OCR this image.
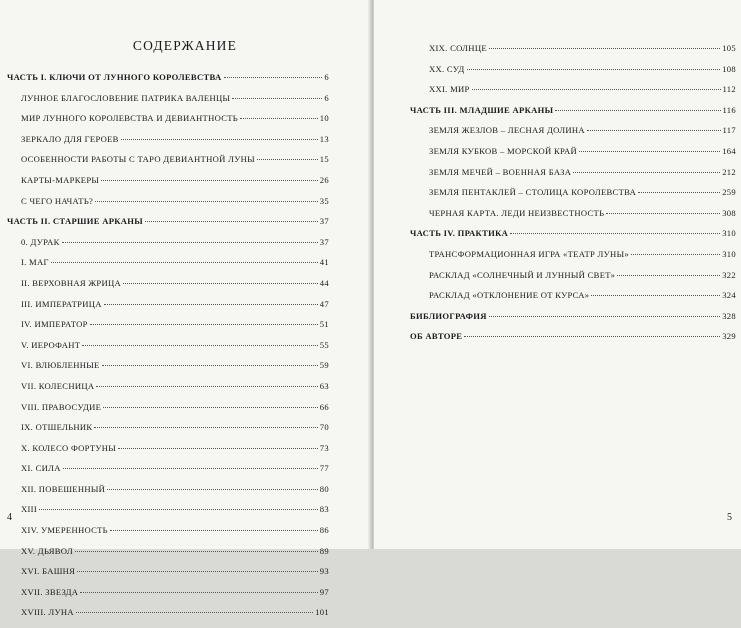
СОДЕРЖАНИЕ
ЧАСТЬ I. КЛЮЧИ ОТ ЛУННОГО КОРОЛЕВСТВА	6
ЛУННОЕ БЛАГОСЛОВЕНИЕ ПАТРИКА ВАЛЕНЦЫ	6
МИР ЛУННОГО КОРОЛЕВСТВА И ДЕВИАНТНОСТЬ	10
ЗЕРКАЛО ДЛЯ ГЕРОЕВ	13
ОСОБЕННОСТИ РАБОТЫ С ТАРО ДЕВИАНТНОЙ ЛУНЫ	15
КАРТЫ-МАРКЕРЫ	26
С ЧЕГО НАЧАТЬ?	35
ЧАСТЬ II. СТАРШИЕ АРКАНЫ	37
0. ДУРАК	37
I. МАГ	41
II. ВЕРХОВНАЯ ЖРИЦА	44
III. ИМПЕРАТРИЦА	47
IV. ИМПЕРАТОР	51
V. ИЕРОФАНТ	55
VI. ВЛЮБЛЕННЫЕ	59
VII. КОЛЕСНИЦА	63
VIII. ПРАВОСУДИЕ	66
IX. ОТШЕЛЬНИК	70
X. КОЛЕСО ФОРТУНЫ	73
XI. СИЛА	77
XII. ПОВЕШЕННЫЙ	80
XIII	83
XIV. УМЕРЕННОСТЬ	86
XV. ДЬЯВОЛ	89
XVI. БАШНЯ	93
XVII. ЗВЕЗДА	97
XVIII. ЛУНА	101
XIX. СОЛНЦЕ	105
XX. СУД	108
XXI. МИР	112
ЧАСТЬ III. МЛАДШИЕ АРКАНЫ	116
ЗЕМЛЯ ЖЕЗЛОВ – ЛЕСНАЯ ДОЛИНА	117
ЗЕМЛЯ КУБКОВ – МОРСКОЙ КРАЙ	164
ЗЕМЛЯ МЕЧЕЙ – ВОЕННАЯ БАЗА	212
ЗЕМЛЯ ПЕНТАКЛЕЙ – СТОЛИЦА КОРОЛЕВСТВА	259
ЧЕРНАЯ КАРТА. ЛЕДИ НЕИЗВЕСТНОСТЬ	308
ЧАСТЬ IV. ПРАКТИКА	310
ТРАНСФОРМАЦИОННАЯ ИГРА «ТЕАТР ЛУНЫ»	310
РАСКЛАД «СОЛНЕЧНЫЙ И ЛУННЫЙ СВЕТ»	322
РАСКЛАД «ОТКЛОНЕНИЕ ОТ КУРСА»	324
БИБЛИОГРАФИЯ	328
ОБ АВТОРЕ	329
4	5
